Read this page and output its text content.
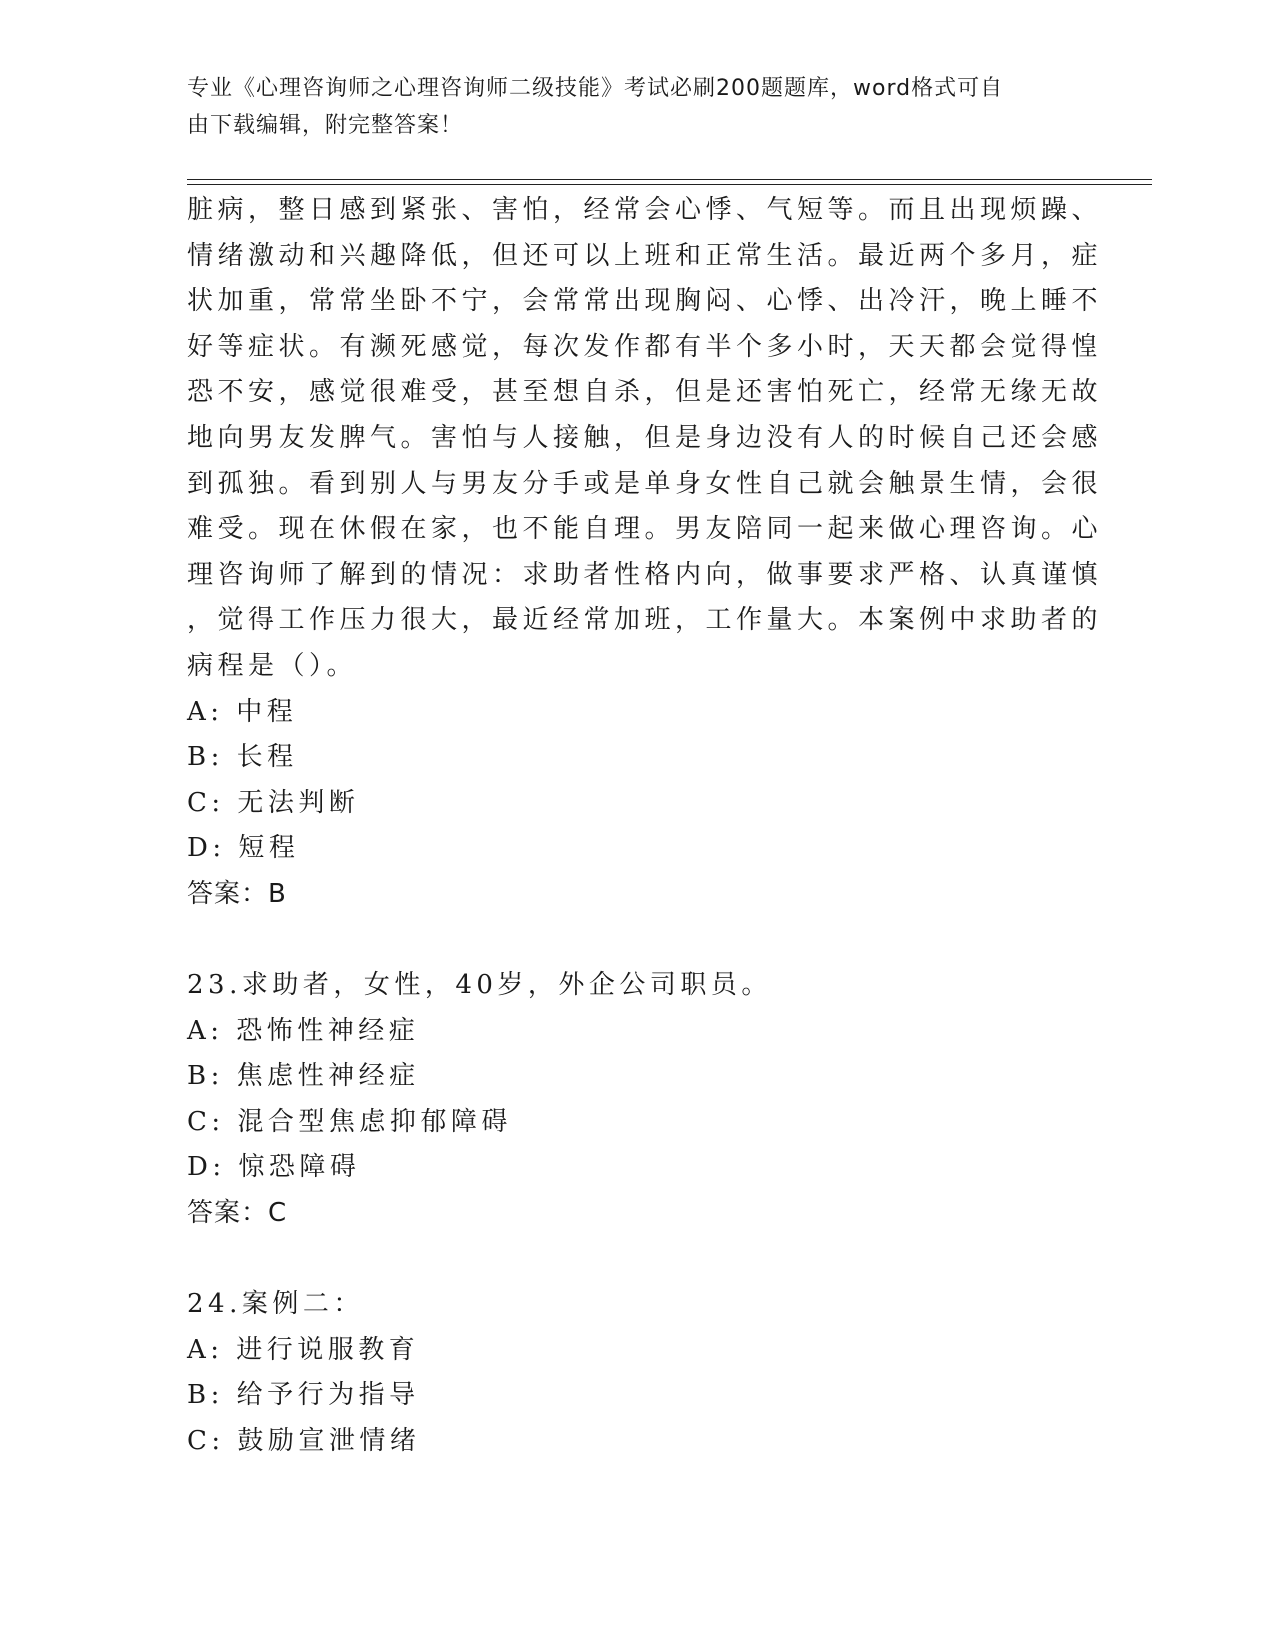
专业《心理咨询师之心理咨询师二级技能》考试必刷200题题库，word格式可自
由下载编辑，附完整答案！
脏病，整日感到紧张、害怕，经常会心悸、气短等。而且出现烦躁、
情绪激动和兴趣降低，但还可以上班和正常生活。最近两个多月，症
状加重，常常坐卧不宁，会常常出现胸闷、心悸、出冷汗，晚上睡不
好等症状。有濒死感觉，每次发作都有半个多小时，天天都会觉得惶
恐不安，感觉很难受，甚至想自杀，但是还害怕死亡，经常无缘无故
地向男友发脾气。害怕与人接触，但是身边没有人的时候自己还会感
到孤独。看到别人与男友分手或是单身女性自己就会触景生情，会很
难受。现在休假在家，也不能自理。男友陪同一起来做心理咨询。心
理咨询师了解到的情况：求助者性格内向，做事要求严格、认真谨慎
，觉得工作压力很大，最近经常加班，工作量大。本案例中求助者的
病程是（）。
A: 中程
B: 长程
C: 无法判断
D: 短程
答案：B
23.求助者，女性，40岁，外企公司职员。
A: 恐怖性神经症
B: 焦虑性神经症
C: 混合型焦虑抑郁障碍
D: 惊恐障碍
答案：C
24.案例二：
A: 进行说服教育
B: 给予行为指导
C: 鼓励宣泄情绪
